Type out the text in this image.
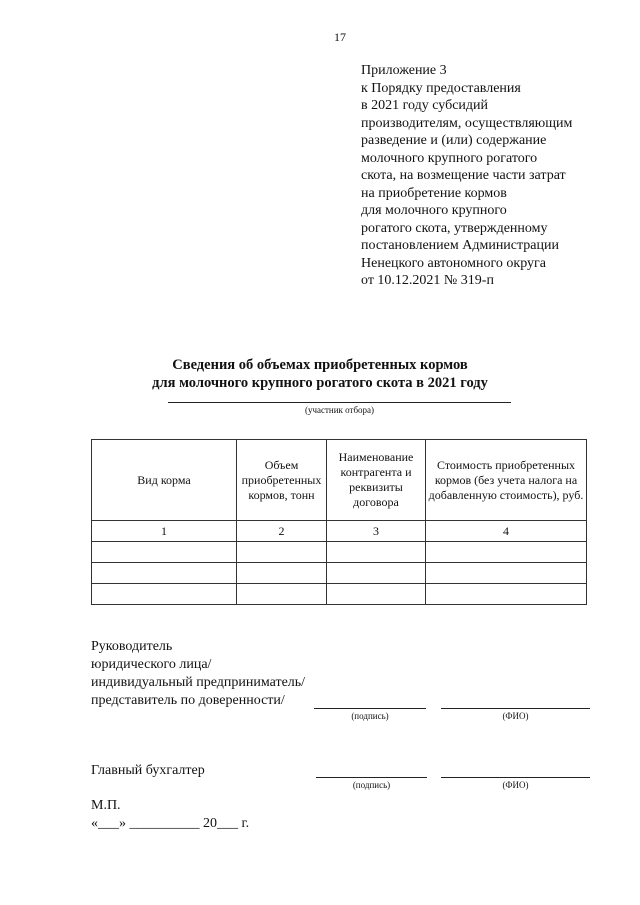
17
Приложение 3
к Порядку предоставления
в 2021 году субсидий
производителям, осуществляющим
разведение и (или) содержание
молочного крупного рогатого
скота, на возмещение части затрат
на приобретение кормов
для молочного крупного
рогатого скота, утвержденному
постановлением Администрации
Ненецкого автономного округа
от 10.12.2021 № 319-п
Сведения об объемах приобретенных кормов
для молочного крупного рогатого скота в 2021 году
(участник отбора)
Вид корма	Объем приобретенных кормов, тонн	Наименование контрагента и реквизиты договора	Стоимость приобретенных кормов (без учета налога на добавленную стоимость), руб.
1	2	3	4

Руководитель
юридического лица/
индивидуальный предприниматель/
представитель по доверенности/
(подпись)	(ФИО)
Главный бухгалтер
(подпись)	(ФИО)
М.П.
«___» __________ 20___ г.
